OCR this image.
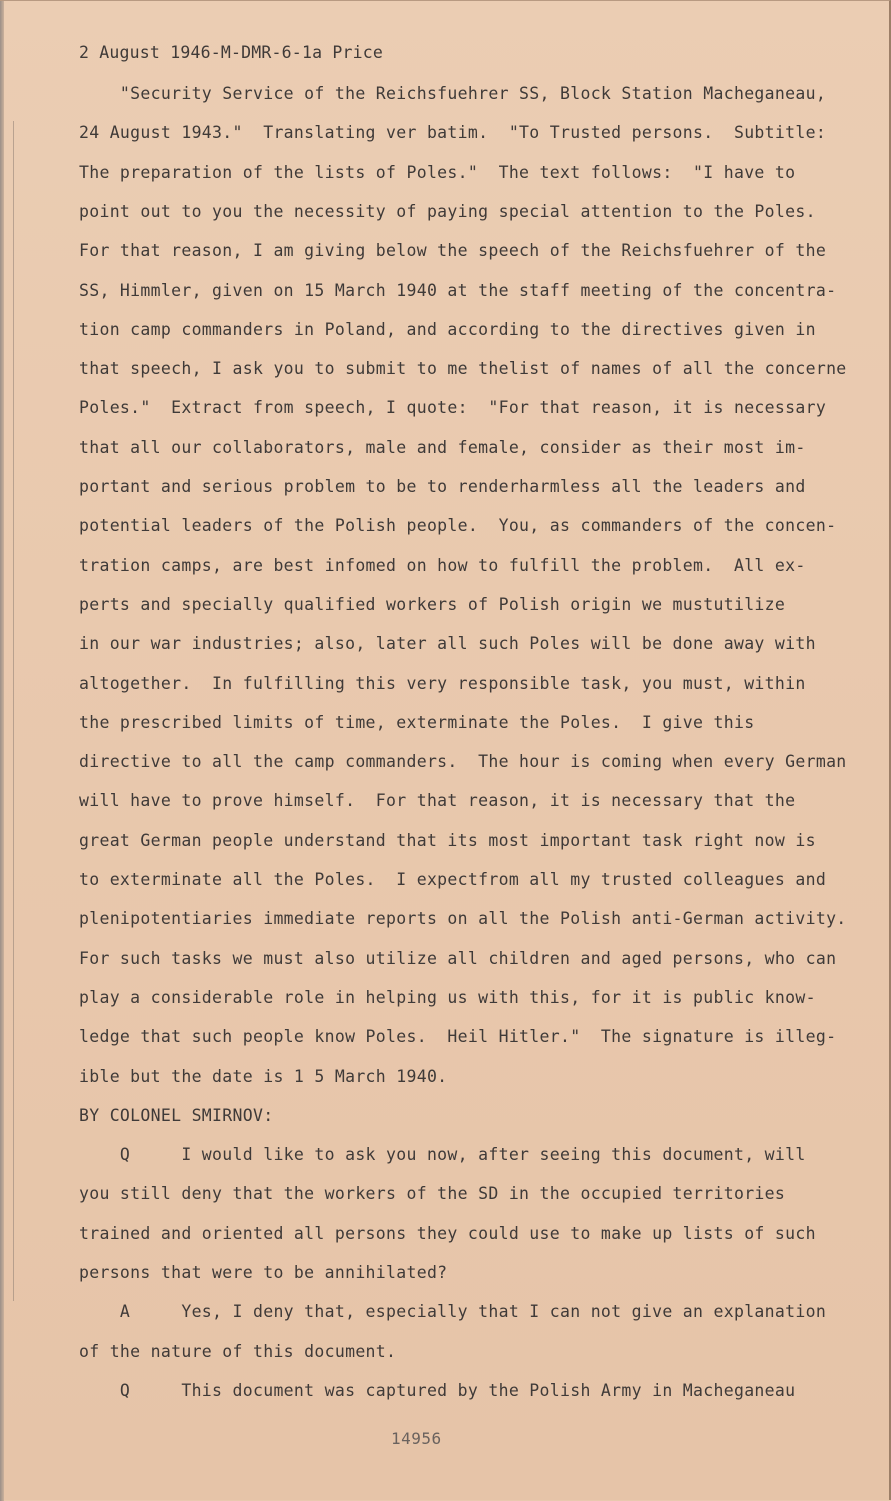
2 August 1946-M-DMR-6-1a Price
"Security Service of the Reichsfuehrer SS, Block Station Macheganeau,
24 August 1943."  Translating ver batim.  "To Trusted persons.  Subtitle:
The preparation of the lists of Poles."  The text follows:  "I have to
point out to you the necessity of paying special attention to the Poles.
For that reason, I am giving below the speech of the Reichsfuehrer of the
SS, Himmler, given on 15 March 1940 at the staff meeting of the concentra-
tion camp commanders in Poland, and according to the directives given in
that speech, I ask you to submit to me thelist of names of all the concerne
Poles."  Extract from speech, I quote:  "For that reason, it is necessary
that all our collaborators, male and female, consider as their most im-
portant and serious problem to be to renderharmless all the leaders and
potential leaders of the Polish people.  You, as commanders of the concen-
tration camps, are best infomed on how to fulfill the problem.  All ex-
perts and specially qualified workers of Polish origin we mustutilize
in our war industries; also, later all such Poles will be done away with
altogether.  In fulfilling this very responsible task, you must, within
the prescribed limits of time, exterminate the Poles.  I give this
directive to all the camp commanders.  The hour is coming when every German
will have to prove himself.  For that reason, it is necessary that the
great German people understand that its most important task right now is
to exterminate all the Poles.  I expectfrom all my trusted colleagues and
plenipotentiaries immediate reports on all the Polish anti-German activity.
For such tasks we must also utilize all children and aged persons, who can
play a considerable role in helping us with this, for it is public know-
ledge that such people know Poles.  Heil Hitler."  The signature is illeg-
ible but the date is 1 5 March 1940.
BY COLONEL SMIRNOV:
Q     I would like to ask you now, after seeing this document, will
you still deny that the workers of the SD in the occupied territories
trained and oriented all persons they could use to make up lists of such
persons that were to be annihilated?
A     Yes, I deny that, especially that I can not give an explanation
of the nature of this document.
Q     This document was captured by the Polish Army in Macheganeau
14956
